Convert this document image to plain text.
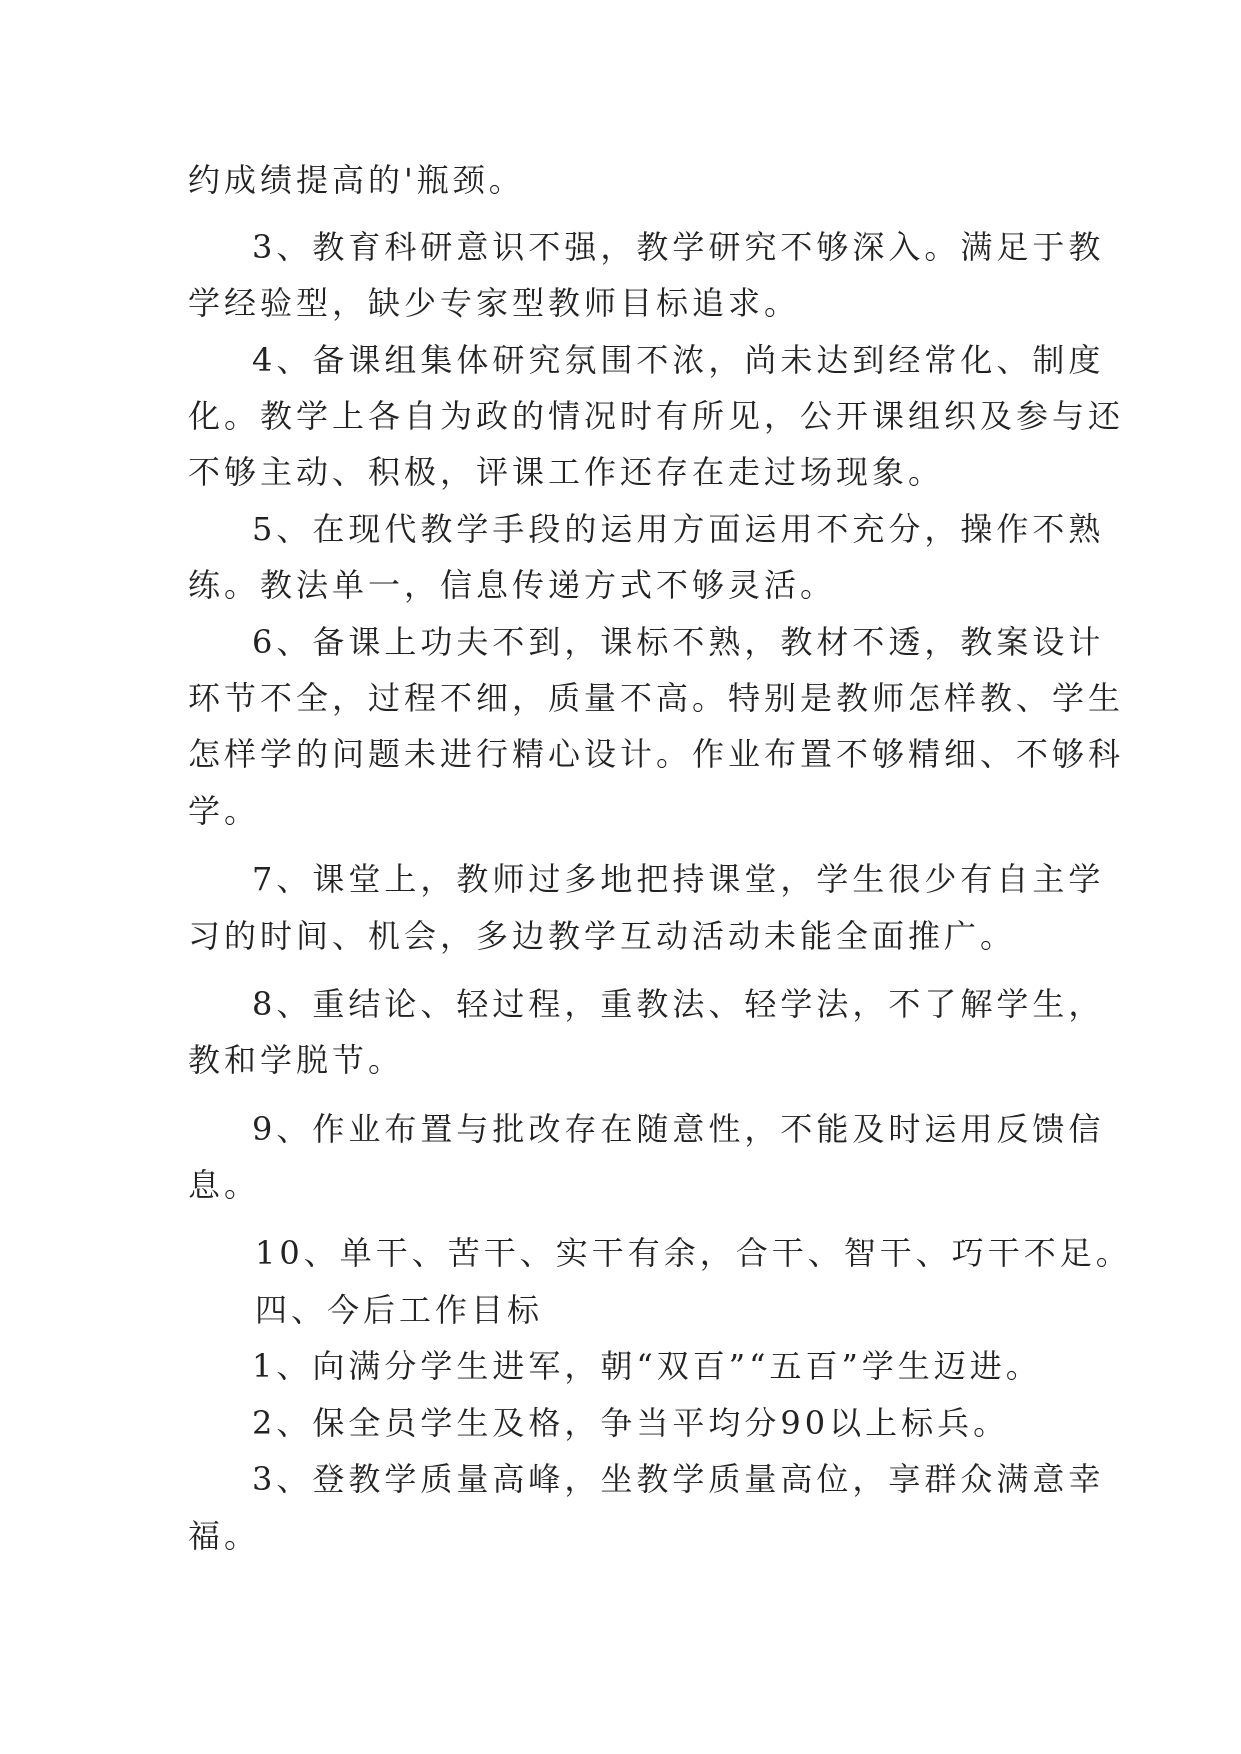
约成绩提高的'瓶颈。
3、教育科研意识不强，教学研究不够深入。满足于教
学经验型，缺少专家型教师目标追求。
4、备课组集体研究氛围不浓，尚未达到经常化、制度
化。教学上各自为政的情况时有所见，公开课组织及参与还
不够主动、积极，评课工作还存在走过场现象。
5、在现代教学手段的运用方面运用不充分，操作不熟
练。教法单一，信息传递方式不够灵活。
6、备课上功夫不到，课标不熟，教材不透，教案设计
环节不全，过程不细，质量不高。特别是教师怎样教、学生
怎样学的问题未进行精心设计。作业布置不够精细、不够科
学。
7、课堂上，教师过多地把持课堂，学生很少有自主学
习的时间、机会，多边教学互动活动未能全面推广。
8、重结论、轻过程，重教法、轻学法，不了解学生，
教和学脱节。
9、作业布置与批改存在随意性，不能及时运用反馈信
息。
10、单干、苦干、实干有余，合干、智干、巧干不足。
四、今后工作目标
1、向满分学生进军，朝“双百”“五百”学生迈进。
2、保全员学生及格，争当平均分90以上标兵。
3、登教学质量高峰，坐教学质量高位，享群众满意幸
福。
